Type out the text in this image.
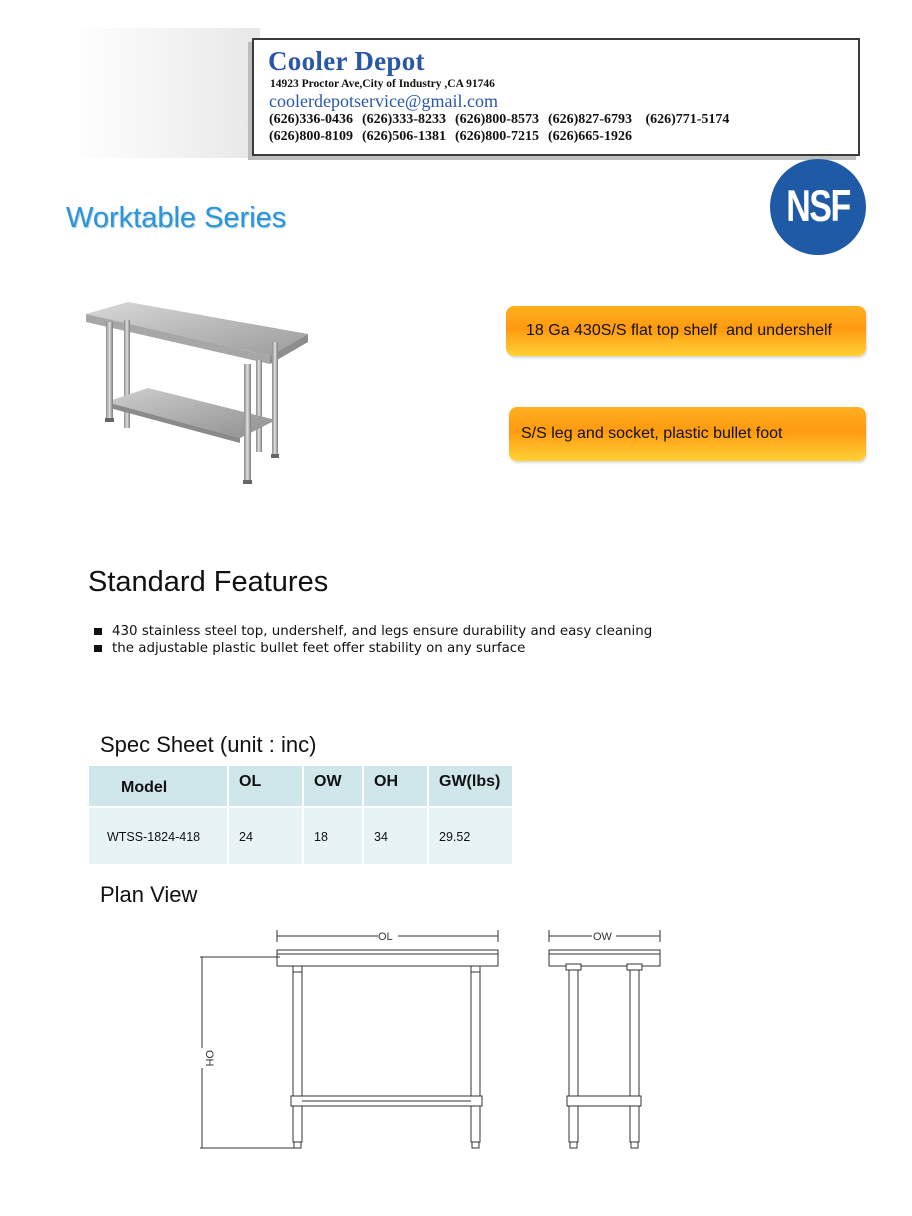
Cooler Depot
14923 Proctor Ave,City of Industry ,CA 91746
coolerdepotservice@gmail.com
(626)336-0436  (626)333-8233  (626)800-8573  (626)827-6793   (626)771-5174
(626)800-8109  (626)506-1381  (626)800-7215  (626)665-1926
NSF
Worktable Series
18 Ga 430S/S flat top shelf  and undershelf
S/S leg and socket, plastic bullet foot
Standard Features
430 stainless steel top, undershelf, and legs ensure durability and easy cleaning
the adjustable plastic bullet feet offer stability on any surface
Spec Sheet (unit : inc)
Model	OL	OW	OH	GW(lbs)
WTSS-1824-418	24	18	34	29.52
Plan View
OL	OW
OH
